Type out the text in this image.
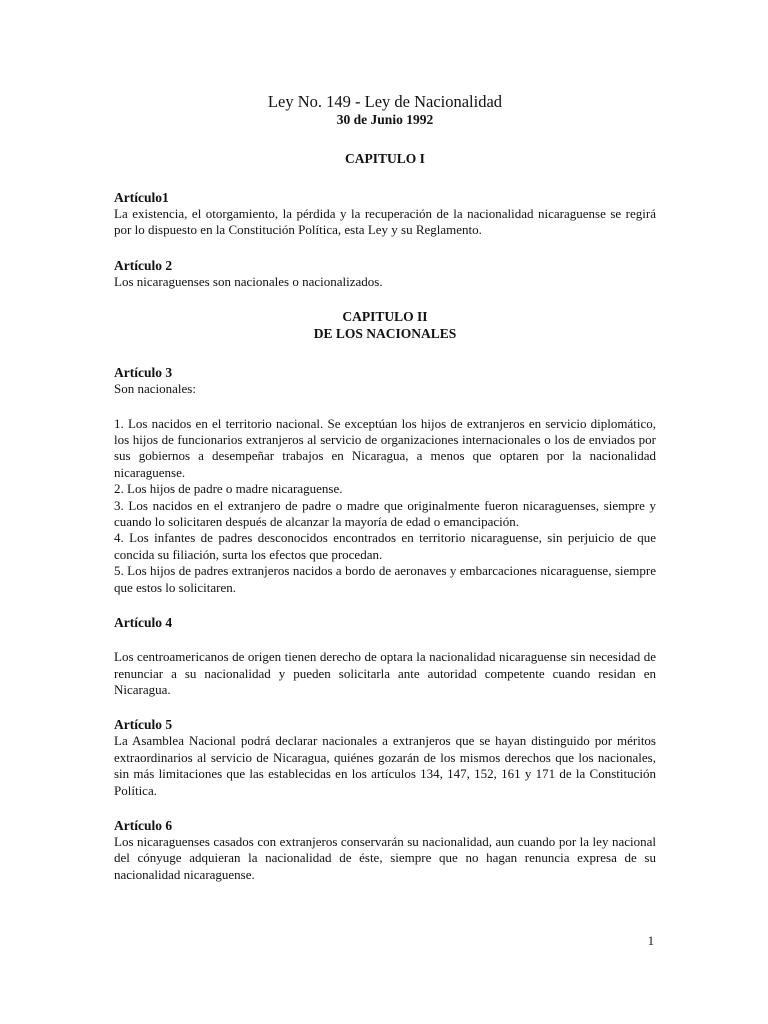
Ley No. 149 - Ley de Nacionalidad
30 de Junio 1992
CAPITULO I
Artículo1

La existencia, el otorgamiento, la pérdida y la recuperación de la nacionalidad nicaraguense se regirá por lo dispuesto en la Constitución Política, esta Ley y su Reglamento.

Artículo 2

Los nicaraguenses son nacionales o nacionalizados.

CAPITULO II
DE LOS NACIONALES
Artículo 3

Son nacionales:

1. Los nacidos en el territorio nacional. Se exceptúan los hijos de extranjeros en servicio diplomático, los hijos de funcionarios extranjeros al servicio de organizaciones internacionales o los de enviados por sus gobiernos a desempeñar trabajos en Nicaragua, a menos que optaren por la nacionalidad nicaraguense.

2. Los hijos de padre o madre nicaraguense.

3. Los nacidos en el extranjero de padre o madre que originalmente fueron nicaraguenses, siempre y cuando lo solicitaren después de alcanzar la mayoría de edad o emancipación.

4. Los infantes de padres desconocidos encontrados en territorio nicaraguense, sin perjuicio de que concida su filiación, surta los efectos que procedan.

5. Los hijos de padres extranjeros nacidos a bordo de aeronaves y embarcaciones nicaraguense, siempre que estos lo solicitaren.

Artículo 4

Los centroamericanos de origen tienen derecho de optara la nacionalidad nicaraguense sin necesidad de renunciar a su nacionalidad y pueden solicitarla ante autoridad competente cuando residan en Nicaragua.

Artículo 5

La Asamblea Nacional podrá declarar nacionales a extranjeros que se hayan distinguido por méritos extraordinarios al servicio de Nicaragua, quiénes gozarán de los mismos derechos que los nacionales, sin más limitaciones que las establecidas en los artículos 134, 147, 152, 161 y 171 de la Constitución Política.

Artículo 6

Los nicaraguenses casados con extranjeros conservarán su nacionalidad, aun cuando por la ley nacional del cónyuge adquieran la nacionalidad de éste, siempre que no hagan renuncia expresa de su nacionalidad nicaraguense.

1
